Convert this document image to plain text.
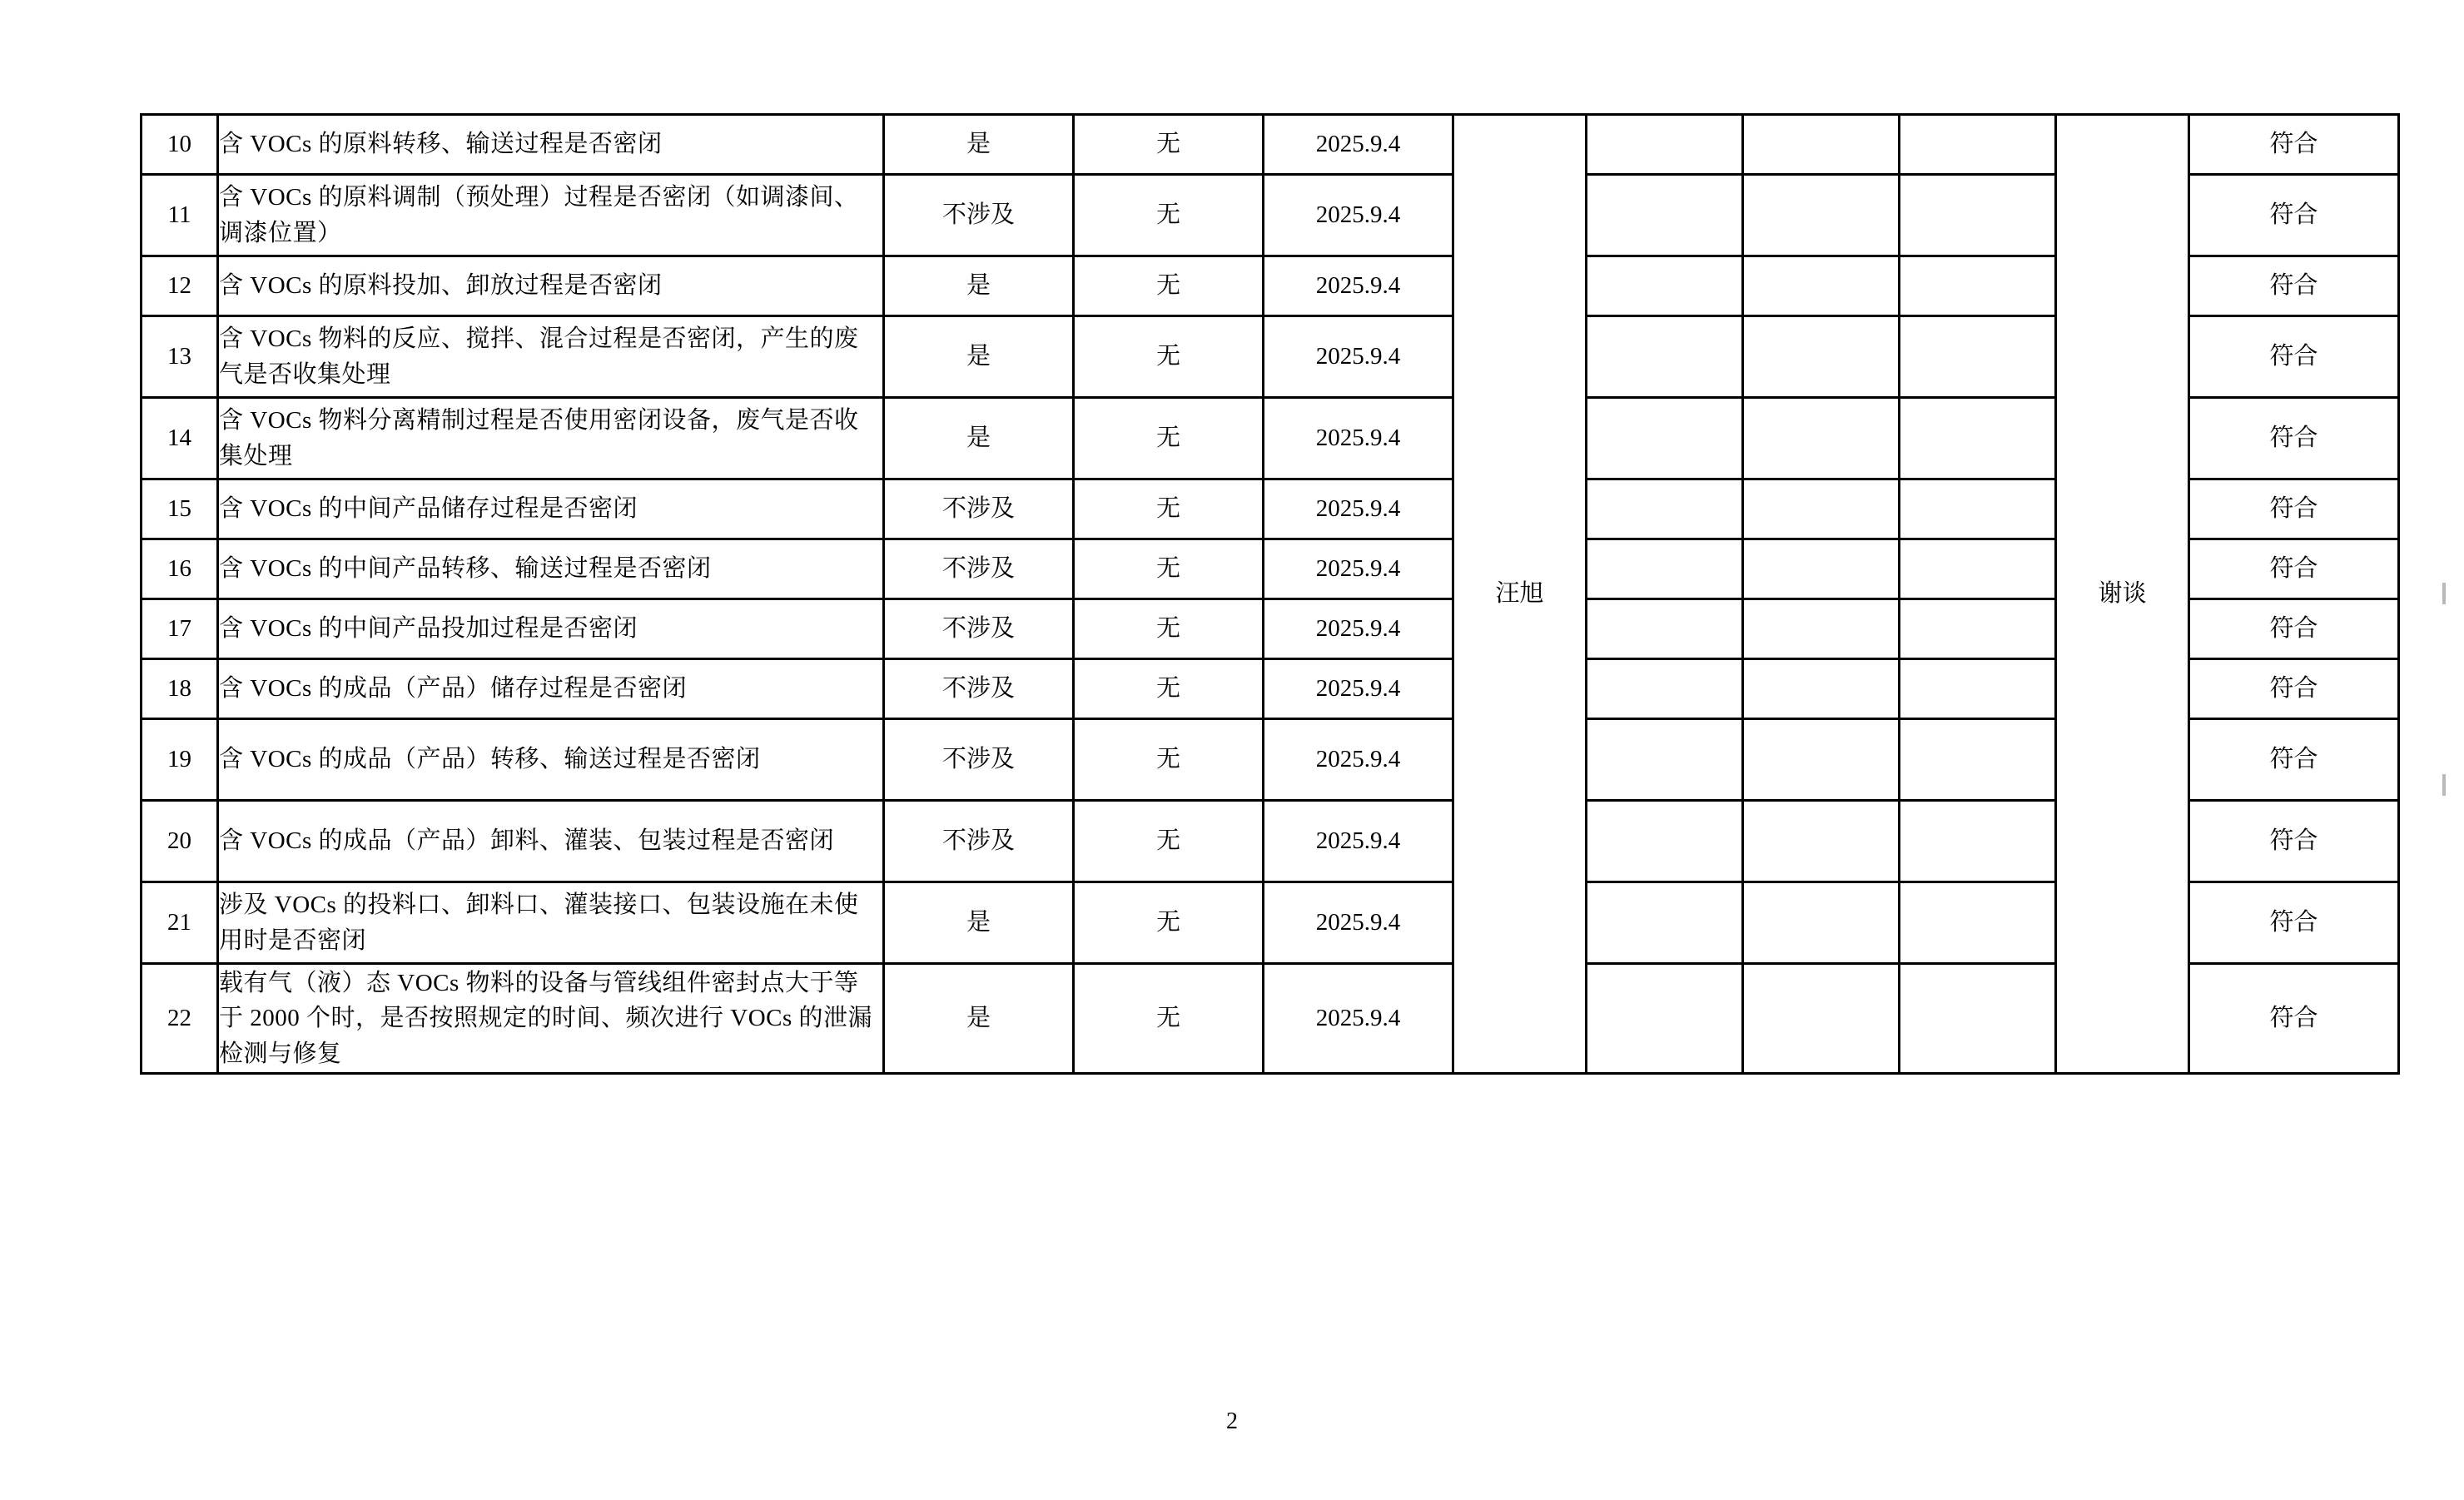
10	含 VOCs 的原料转移、输送过程是否密闭	是	无	2025.9.4	汪旭				谢谈	符合
11	含 VOCs 的原料调制（预处理）过程是否密闭（如调漆间、调漆位置）	不涉及	无	2025.9.4						符合
12	含 VOCs 的原料投加、卸放过程是否密闭	是	无	2025.9.4						符合
13	含 VOCs 物料的反应、搅拌、混合过程是否密闭，产生的废气是否收集处理	是	无	2025.9.4						符合
14	含 VOCs 物料分离精制过程是否使用密闭设备，废气是否收集处理	是	无	2025.9.4						符合
15	含 VOCs 的中间产品储存过程是否密闭	不涉及	无	2025.9.4						符合
16	含 VOCs 的中间产品转移、输送过程是否密闭	不涉及	无	2025.9.4						符合
17	含 VOCs 的中间产品投加过程是否密闭	不涉及	无	2025.9.4						符合
18	含 VOCs 的成品（产品）储存过程是否密闭	不涉及	无	2025.9.4						符合
19	含 VOCs 的成品（产品）转移、输送过程是否密闭	不涉及	无	2025.9.4						符合
20	含 VOCs 的成品（产品）卸料、灌装、包装过程是否密闭	不涉及	无	2025.9.4						符合
21	涉及 VOCs 的投料口、卸料口、灌装接口、包装设施在未使用时是否密闭	是	无	2025.9.4						符合
22	载有气（液）态 VOCs 物料的设备与管线组件密封点大于等于 2000 个时，是否按照规定的时间、频次进行 VOCs 的泄漏检测与修复	是	无	2025.9.4						符合
2
